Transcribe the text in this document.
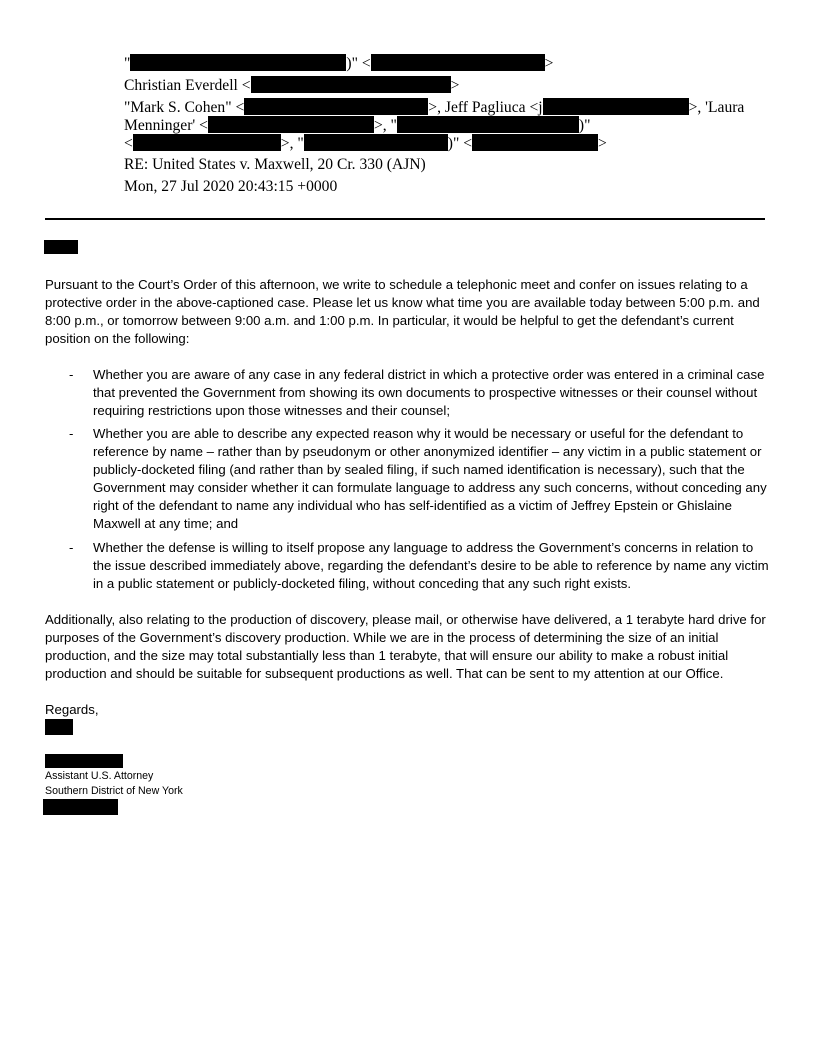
"	)" <	>
Christian Everdell <	>
"Mark S. Cohen" <	>, Jeff Pagliuca <j	>, 'Laura
Menninger' <	>, "	)"
<	>, "	)" <	>
RE: United States v. Maxwell, 20 Cr. 330 (AJN)
Mon, 27 Jul 2020 20:43:15 +0000
Pursuant to the Court’s Order of this afternoon, we write to schedule a telephonic meet and confer on issues relating to a protective order in the above-captioned case. Please let us know what time you are available today between 5:00 p.m. and 8:00 p.m., or tomorrow between 9:00 a.m. and 1:00 p.m. In particular, it would be helpful to get the defendant’s current position on the following:
- Whether you are aware of any case in any federal district in which a protective order was entered in a criminal case that prevented the Government from showing its own documents to prospective witnesses or their counsel without requiring restrictions upon those witnesses and their counsel;
- Whether you are able to describe any expected reason why it would be necessary or useful for the defendant to reference by name – rather than by pseudonym or other anonymized identifier – any victim in a public statement or publicly-docketed filing (and rather than by sealed filing, if such named identification is necessary), such that the Government may consider whether it can formulate language to address any such concerns, without conceding any right of the defendant to name any individual who has self-identified as a victim of Jeffrey Epstein or Ghislaine Maxwell at any time; and
- Whether the defense is willing to itself propose any language to address the Government’s concerns in relation to the issue described immediately above, regarding the defendant’s desire to be able to reference by name any victim in a public statement or publicly-docketed filing, without conceding that any such right exists.
Additionally, also relating to the production of discovery, please mail, or otherwise have delivered, a 1 terabyte hard drive for purposes of the Government’s discovery production. While we are in the process of determining the size of an initial production, and the size may total substantially less than 1 terabyte, that will ensure our ability to make a robust initial production and should be suitable for subsequent productions as well. That can be sent to my attention at our Office.
Regards,
Assistant U.S. Attorney
Southern District of New York
